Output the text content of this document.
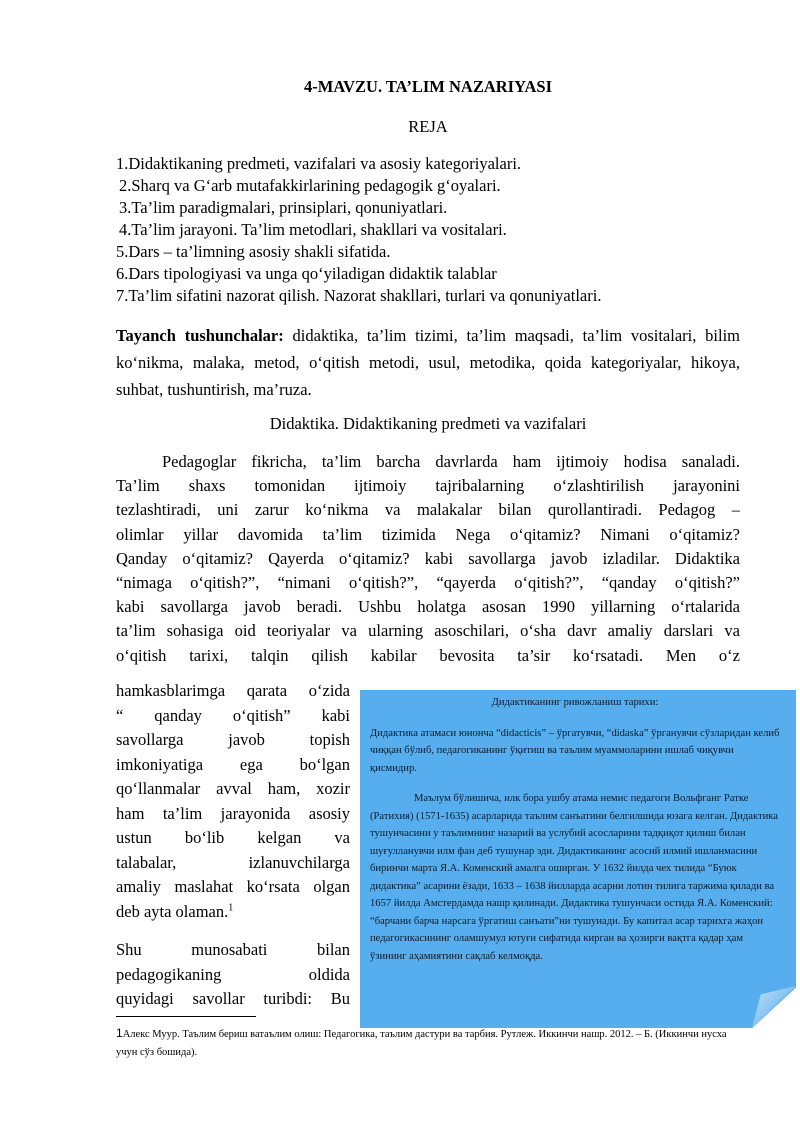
4-MAVZU. TA’LIM NAZARIYASI
REJA
1.Didaktikaning predmeti, vazifalari va asosiy kategoriyalari.
2.Sharq va G‘arb mutafakkirlarining pedagogik g‘oyalari.
3.Ta’lim paradigmalari, prinsiplari, qonuniyatlari.
4.Ta’lim jarayoni. Ta’lim metodlari, shakllari va vositalari.
5.Dars – ta’limning asosiy shakli sifatida.
6.Dars tipologiyasi va unga qo‘yiladigan didaktik talablar
7.Ta’lim sifatini nazorat qilish. Nazorat shakllari, turlari va qonuniyatlari.
Tayanch tushunchalar: didaktika, ta’lim tizimi, ta’lim maqsadi, ta’lim vositalari, bilim ko‘nikma, malaka, metod, o‘qitish metodi, usul, metodika, qoida kategoriyalar, hikoya, suhbat, tushuntirish, ma’ruza.
Didaktika. Didaktikaning predmeti va vazifalari
Pedagoglar fikricha, ta’lim barcha davrlarda ham ijtimoiy hodisa sanaladi.
Ta’lim shaxs tomonidan ijtimoiy tajribalarning o‘zlashtirilish jarayonini
tezlashtiradi, uni zarur ko‘nikma va malakalar bilan qurollantiradi. Pedagog –
olimlar yillar davomida ta’lim tizimida Nega o‘qitamiz? Nimani o‘qitamiz?
Qanday o‘qitamiz? Qayerda o‘qitamiz? kabi savollarga javob izladilar. Didaktika
“nimaga o‘qitish?”, “nimani o‘qitish?”, “qayerda o‘qitish?”, “qanday o‘qitish?”
kabi savollarga javob beradi. Ushbu holatga asosan 1990 yillarning o‘rtalarida
ta’lim sohasiga oid teoriyalar va ularning asoschilari, o‘sha davr amaliy darslari va
o‘qitish tarixi, talqin qilish kabilar bevosita ta’sir ko‘rsatadi. Men o‘z
hamkasblarimga qarata o‘zida
“ qanday o‘qitish” kabi
savollarga javob topish
imkoniyatiga ega bo‘lgan
qo‘llanmalar avval ham, xozir
ham ta’lim jarayonida asosiy
ustun bo‘lib kelgan va
talabalar, izlanuvchilarga
amaliy maslahat ko‘rsata olgan
deb ayta olaman.$^1$
Shu munosabati bilan
pedagogikaning oldida
quyidagi savollar turibdi: Bu
Дидактиканинг ривожланиш тарихи:
Дидактика атамаси юнонча “didacticis” – ўргатувчи, “didaska” ўрганувчи сўзларидан келиб чиққан бўлиб, педагогиканинг ўқитиш ва таълим муаммоларини ишлаб чиқувчи қисмидир.
Маълум бўлишича, илк бора ушбу атама немис педагоги Вольфганг Ратке (Ратихия) (1571-1635) асарларида таълим санъатини белгилшида юзага келган. Дидактика тушунчасини у таълимнинг назарий ва услубий асосларини тадқиқот қилиш билан шуғулланувчи илм фан деб тушунар эди. Дидактиканинг асосий илмий ишланмасини биринчи марта Я.А. Коменский амалга оширган. У 1632 йилда чех тилида “Буюк дидактика” асарини ёзади, 1633 – 1638 йилларда асарни лотин тилига таржима қилади ва 1657 йилда Амстердамда нашр қилинади. Дидактика тушунчаси остида Я.А. Коменский: “барчани барча нарсага ўргатиш санъати”ни тушунади. Бу капитал асар тарихга жаҳон педагогикасининг оламшумул ютуғи сифатида кирган ва ҳозирги вақтга қадар ҳам ўзининг аҳамиятини сақлаб келмоқда.
1Алекс Муур. Таълим бериш ватаълим олиш: Педагогика, таълим дастури ва тарбия. Рутлеж. Иккинчи нашр. 2012. – Б. (Иккинчи нусха учун сўз бошида).
